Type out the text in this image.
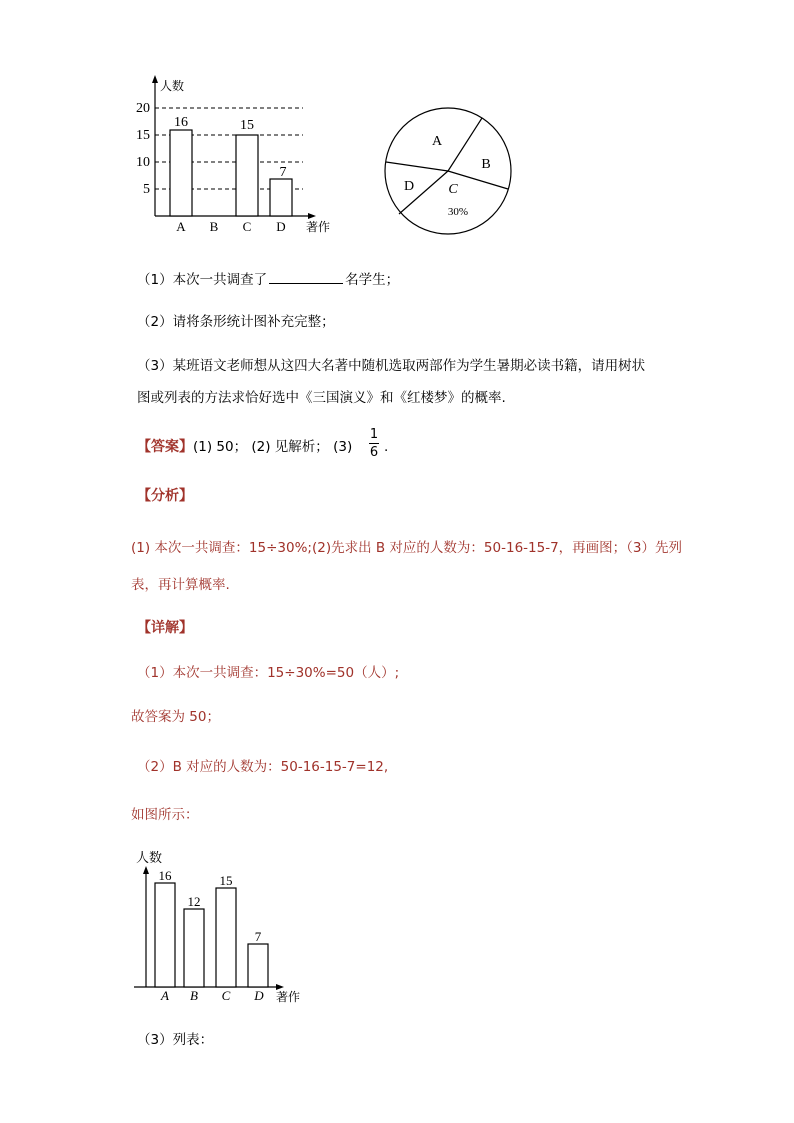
20
15
10
5
人数
著作
16	15
7
A B C D
A
B
C
D
30%
（1）本次一共调查了	名学生；
（2）请将条形统计图补充完整；
（3）某班语文老师想从这四大名著中随机选取两部作为学生暑期必读书籍，请用树状
图或列表的方法求恰好选中《三国演义》和《红楼梦》的概率.
【答案】(1) 50； (2) 见解析； (3)
1
6 .
【分析】
(1) 本次一共调查：15÷30%;(2)先求出 B 对应的人数为：50-16-15-7，再画图；（3）先列
表，再计算概率.
【详解】
（1）本次一共调查：15÷30%=50（人）;
故答案为 50；
（2）B 对应的人数为：50-16-15-7=12,
如图所示：
人数
著作
16
12
15
7
A B C D
（3）列表：
